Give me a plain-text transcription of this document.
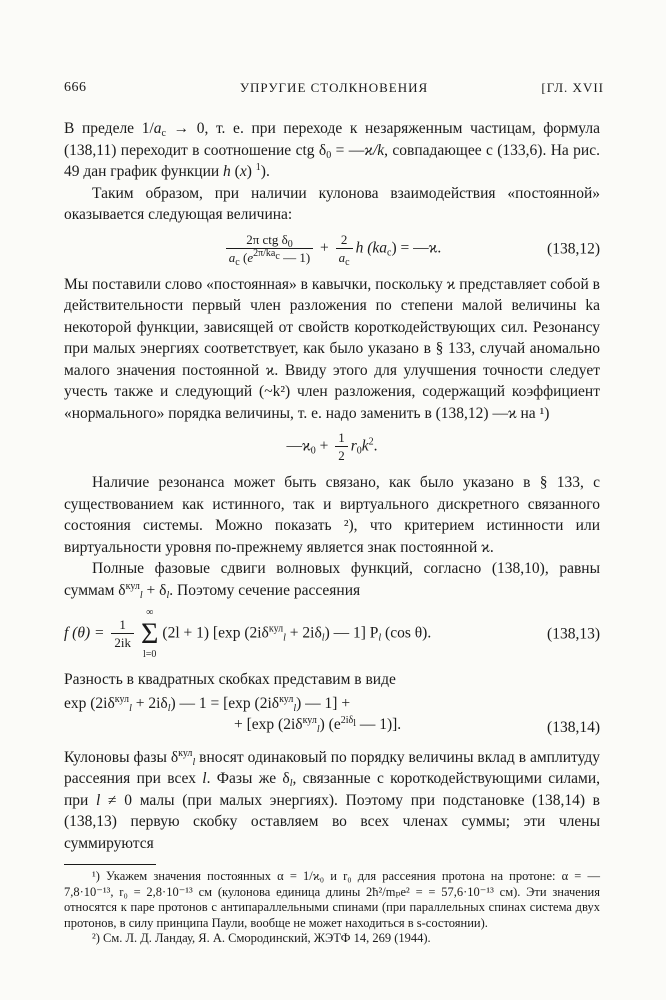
666	УПРУГИЕ СТОЛКНОВЕНИЯ	[ГЛ. XVII

В пределе $1/a_c \to 0$, т. е. при переходе к незаряженным частицам, формула (138,11) переходит в соотношение ctg $\delta_0$ = —ϰ/k, совпадающее с (133,6). На рис. 49 дан график функции h (x) $^1$).

Таким образом, при наличии кулонова взаимодействия «постоянной» оказывается следующая величина:

$\frac{2\pi ctg \delta_0}{a_c (e^{2\pi/ka_c} — 1)} + \frac{2}{a_c}$ h $(ka_c)$ = —ϰ.	(138,12)

Мы поставили слово «постоянная» в кавычки, поскольку ϰ представляет собой в действительности первый член разложения по степени малой величины ka некоторой функции, зависящей от свойств короткодействующих сил. Резонансу при малых энергиях соответствует, как было указано в § 133, случай аномально малого значения постоянной ϰ. Ввиду этого для улучшения точности следует учесть также и следующий (~k²) член разложения, содержащий коэффициент «нормального» порядка величины, т. е. надо заменить в (138,12) —ϰ на ¹)

$—ϰ_0 + \frac{1}{2} r_0k^2$.

Наличие резонанса может быть связано, как было указано в § 133, с существованием как истинного, так и виртуального дискретного связанного состояния системы. Можно показать ²), что критерием истинности или виртуальности уровня по-прежнему является знак постоянной ϰ.

Полные фазовые сдвиги волновых функций, согласно (138,10), равны суммам $\delta^{кул}_l + \delta_l$. Поэтому сечение рассеяния

f $(\theta) = \frac{1}{2ik}$
∞
Σ
l=0
(2l + 1) [exp $(2i\delta^{кул}_l + 2i\delta_l)$ — 1] $P_l$ (cos θ).	(138,13)

Разность в квадратных скобках представим в виде

$\exp (2i\delta^{кул}_l + 2i\delta_l)$ — 1 = [exp $(2i\delta^{кул}_l)$ — 1] +
+ [exp $(2i\delta^{кул}_l)$ ($e^{2i\delta_l}$ — 1)].	(138,14)

Кулоновы фазы $\delta^{кул}_l$ вносят одинаковый по порядку величины вклад в амплитуду рассеяния при всех l. Фазы же $\delta_l$, связанные с короткодействующими силами, при l ≠ 0 малы (при малых энергиях). Поэтому при подстановке (138,14) в (138,13) первую скобку оставляем во всех членах суммы; эти члены суммируются

¹) Укажем значения постоянных α = 1/ϰ₀ и r₀ для рассеяния протона на протоне: α = —7,8·10⁻¹³, r₀ = 2,8·10⁻¹³ см (кулонова единица длины 2ħ²/mₚe² = = 57,6·10⁻¹³ см). Эти значения относятся к паре протонов с антипараллельными спинами (при параллельных спинах система двух протонов, в силу принципа Паули, вообще не может находиться в s-состоянии).

²) См. Л. Д. Ландау, Я. А. Смородинский, ЖЭТФ 14, 269 (1944).
